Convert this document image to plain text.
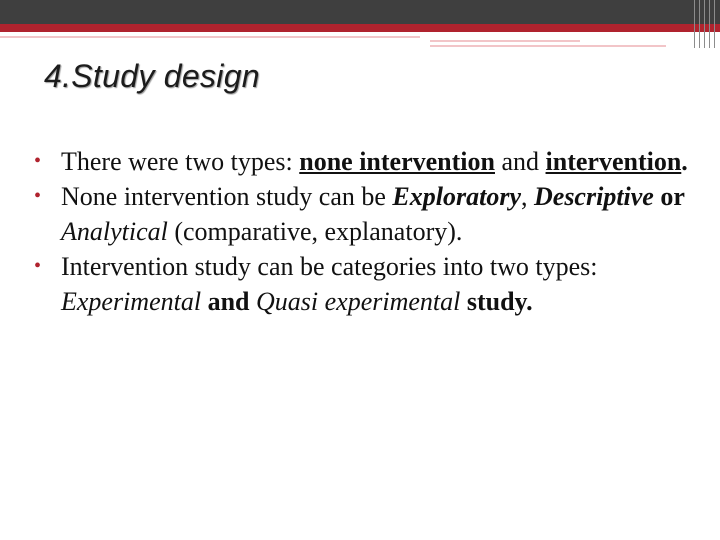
4.Study design
• There were two types: none intervention and intervention.
• None intervention study can be Exploratory, Descriptive or Analytical (comparative, explanatory).
• Intervention study can be categories into two types: Experimental and Quasi experimental study.
